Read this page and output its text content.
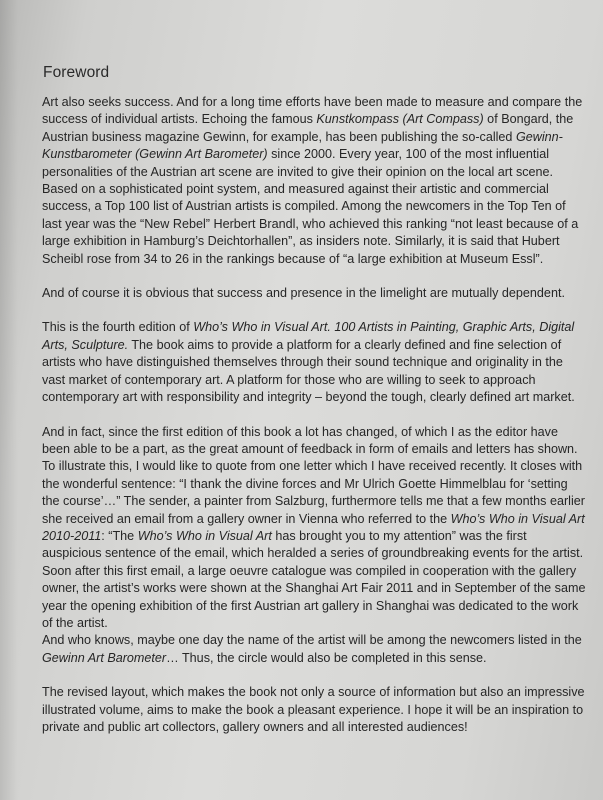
Foreword

Art also seeks success. And for a long time efforts have been made to measure and compare the success of individual artists. Echoing the famous Kunstkompass (Art Compass) of Bongard, the Austrian business magazine Gewinn, for example, has been publishing the so-called Gewinn-Kunstbarometer (Gewinn Art Barometer) since 2000. Every year, 100 of the most influential personalities of the Austrian art scene are invited to give their opinion on the local art scene. Based on a sophisticated point system, and measured against their artistic and commercial success, a Top 100 list of Austrian artists is compiled. Among the newcomers in the Top Ten of last year was the “New Rebel” Herbert Brandl, who achieved this ranking “not least because of a large exhibition in Hamburg’s Deichtorhallen”, as insiders note. Similarly, it is said that Hubert Scheibl rose from 34 to 26 in the rankings because of “a large exhibition at Museum Essl”.

And of course it is obvious that success and presence in the limelight are mutually dependent.

This is the fourth edition of Who’s Who in Visual Art. 100 Artists in Painting, Graphic Arts, Digital Arts, Sculpture. The book aims to provide a platform for a clearly defined and fine selection of artists who have distinguished themselves through their sound technique and originality in the vast market of contemporary art. A platform for those who are willing to seek to approach contemporary art with responsibility and integrity – beyond the tough, clearly defined art market.

And in fact, since the first edition of this book a lot has changed, of which I as the editor have been able to be a part, as the great amount of feedback in form of emails and letters has shown. To illustrate this, I would like to quote from one letter which I have received recently. It closes with the wonderful sentence: “I thank the divine forces and Mr Ulrich Goette Himmelblau for ‘setting the course’…” The sender, a painter from Salzburg, furthermore tells me that a few months earlier she received an email from a gallery owner in Vienna who referred to the Who’s Who in Visual Art 2010-2011: “The Who’s Who in Visual Art has brought you to my attention” was the first auspicious sentence of the email, which heralded a series of groundbreaking events for the artist. Soon after this first email, a large oeuvre catalogue was compiled in cooperation with the gallery owner, the artist’s works were shown at the Shanghai Art Fair 2011 and in September of the same year the opening exhibition of the first Austrian art gallery in Shanghai was dedicated to the work of the artist.

And who knows, maybe one day the name of the artist will be among the newcomers listed in the Gewinn Art Barometer… Thus, the circle would also be completed in this sense.

The revised layout, which makes the book not only a source of information but also an impressive illustrated volume, aims to make the book a pleasant experience. I hope it will be an inspiration to private and public art collectors, gallery owners and all interested audiences!
